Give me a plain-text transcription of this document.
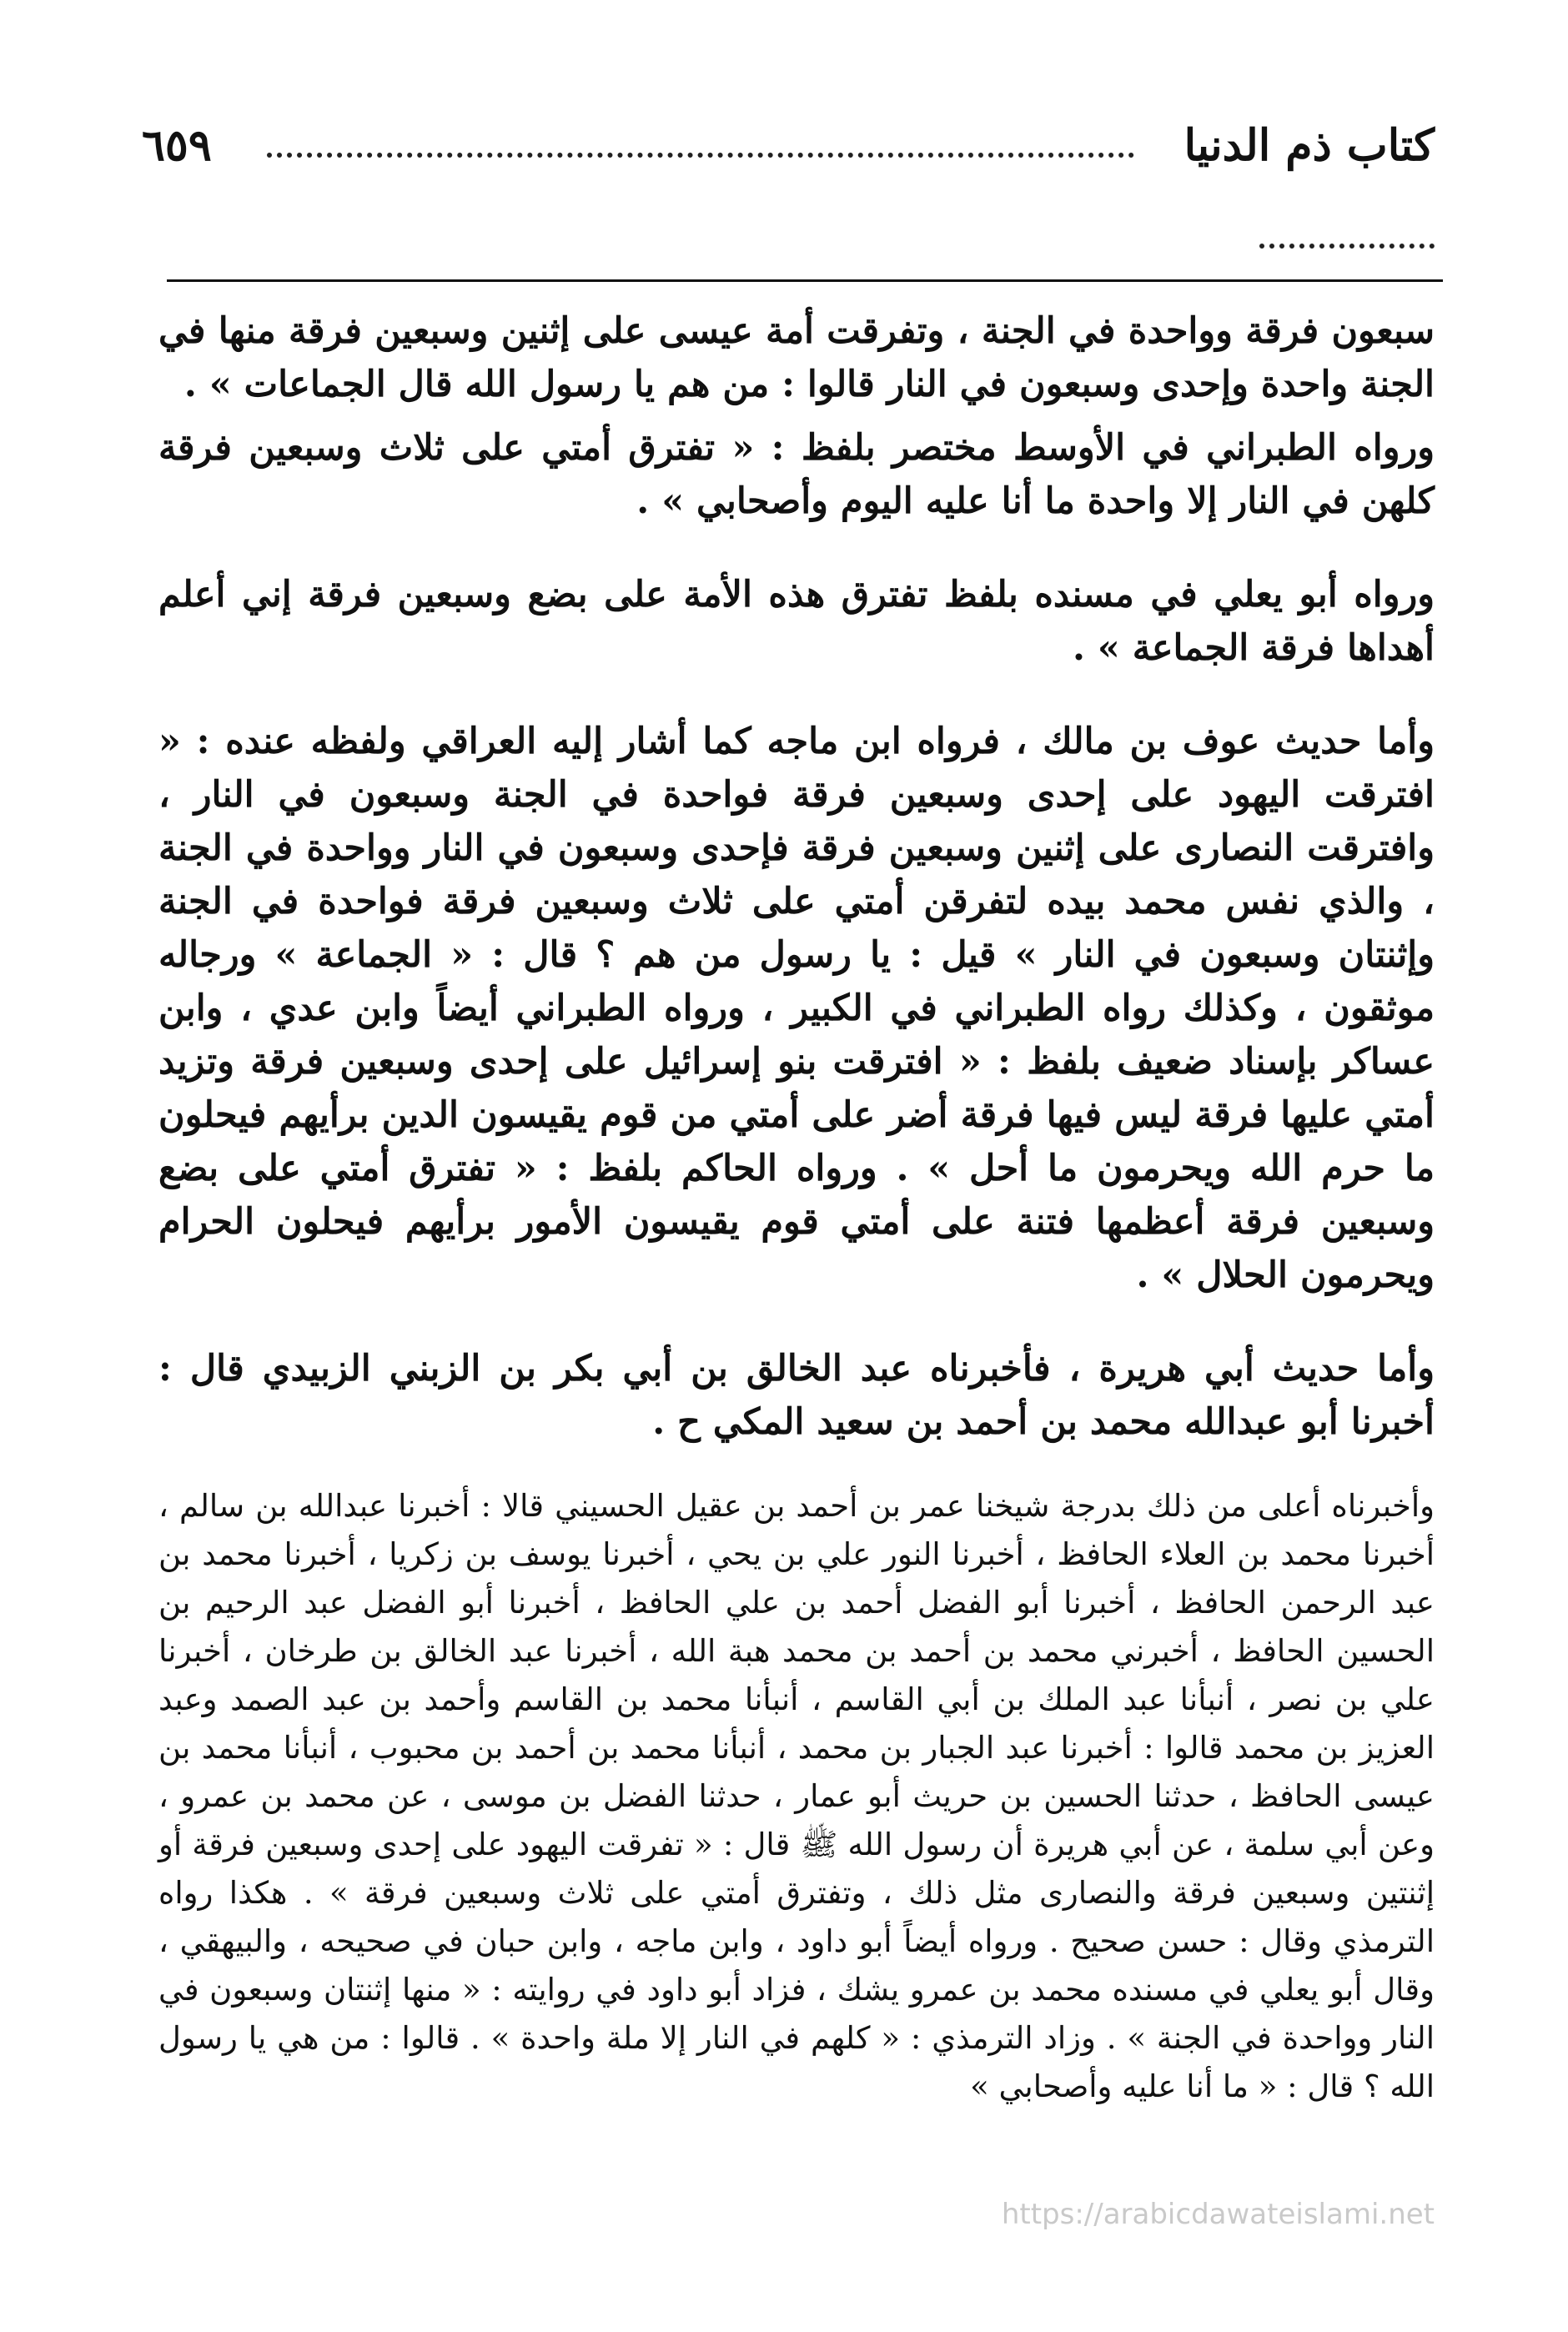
كتاب ذم الدنيا
٦٥٩

سبعون فرقة وواحدة في الجنة ، وتفرقت أمة عيسى على إثنين وسبعين فرقة منها في الجنة واحدة وإحدى وسبعون في النار قالوا : من هم يا رسول الله قال الجماعات » .

ورواه الطبراني في الأوسط مختصر بلفظ : « تفترق أمتي على ثلاث وسبعين فرقة كلهن في النار إلا واحدة ما أنا عليه اليوم وأصحابي » .

ورواه أبو يعلي في مسنده بلفظ تفترق هذه الأمة على بضع وسبعين فرقة إني أعلم أهداها فرقة الجماعة » .

وأما حديث عوف بن مالك ، فرواه ابن ماجه كما أشار إليه العراقي ولفظه عنده : « افترقت اليهود على إحدى وسبعين فرقة فواحدة في الجنة وسبعون في النار ، وافترقت النصارى على إثنين وسبعين فرقة فإحدى وسبعون في النار وواحدة في الجنة ، والذي نفس محمد بيده لتفرقن أمتي على ثلاث وسبعين فرقة فواحدة في الجنة وإثنتان وسبعون في النار » قيل : يا رسول من هم ؟ قال : « الجماعة » ورجاله موثقون ، وكذلك رواه الطبراني في الكبير ، ورواه الطبراني أيضاً وابن عدي ، وابن عساكر بإسناد ضعيف بلفظ : « افترقت بنو إسرائيل على إحدى وسبعين فرقة وتزيد أمتي عليها فرقة ليس فيها فرقة أضر على أمتي من قوم يقيسون الدين برأيهم فيحلون ما حرم الله ويحرمون ما أحل » . ورواه الحاكم بلفظ : « تفترق أمتي على بضع وسبعين فرقة أعظمها فتنة على أمتي قوم يقيسون الأمور برأيهم فيحلون الحرام ويحرمون الحلال » .

وأما حديث أبي هريرة ، فأخبرناه عبد الخالق بن أبي بكر بن الزبني الزبيدي قال : أخبرنا أبو عبدالله محمد بن أحمد بن سعيد المكي ح .

وأخبرناه أعلى من ذلك بدرجة شيخنا عمر بن أحمد بن عقيل الحسيني قالا : أخبرنا عبدالله بن سالم ، أخبرنا محمد بن العلاء الحافظ ، أخبرنا النور علي بن يحي ، أخبرنا يوسف بن زكريا ، أخبرنا محمد بن عبد الرحمن الحافظ ، أخبرنا أبو الفضل أحمد بن علي الحافظ ، أخبرنا أبو الفضل عبد الرحيم بن الحسين الحافظ ، أخبرني محمد بن أحمد بن محمد هبة الله ، أخبرنا عبد الخالق بن طرخان ، أخبرنا علي بن نصر ، أنبأنا عبد الملك بن أبي القاسم ، أنبأنا محمد بن القاسم وأحمد بن عبد الصمد وعبد العزيز بن محمد قالوا : أخبرنا عبد الجبار بن محمد ، أنبأنا محمد بن أحمد بن محبوب ، أنبأنا محمد بن عيسى الحافظ ، حدثنا الحسين بن حريث أبو عمار ، حدثنا الفضل بن موسى ، عن محمد بن عمرو ، وعن أبي سلمة ، عن أبي هريرة أن رسول الله ﷺ قال : « تفرقت اليهود على إحدى وسبعين فرقة أو إثنتين وسبعين فرقة والنصارى مثل ذلك ، وتفترق أمتي على ثلاث وسبعين فرقة » . هكذا رواه الترمذي وقال : حسن صحيح . ورواه أيضاً أبو داود ، وابن ماجه ، وابن حبان في صحيحه ، والبيهقي ، وقال أبو يعلي في مسنده محمد بن عمرو يشك ، فزاد أبو داود في روايته : « منها إثنتان وسبعون في النار وواحدة في الجنة » . وزاد الترمذي : « كلهم في النار إلا ملة واحدة » . قالوا : من هي يا رسول الله ؟ قال : « ما أنا عليه وأصحابي »

https://arabicdawateislami.net
